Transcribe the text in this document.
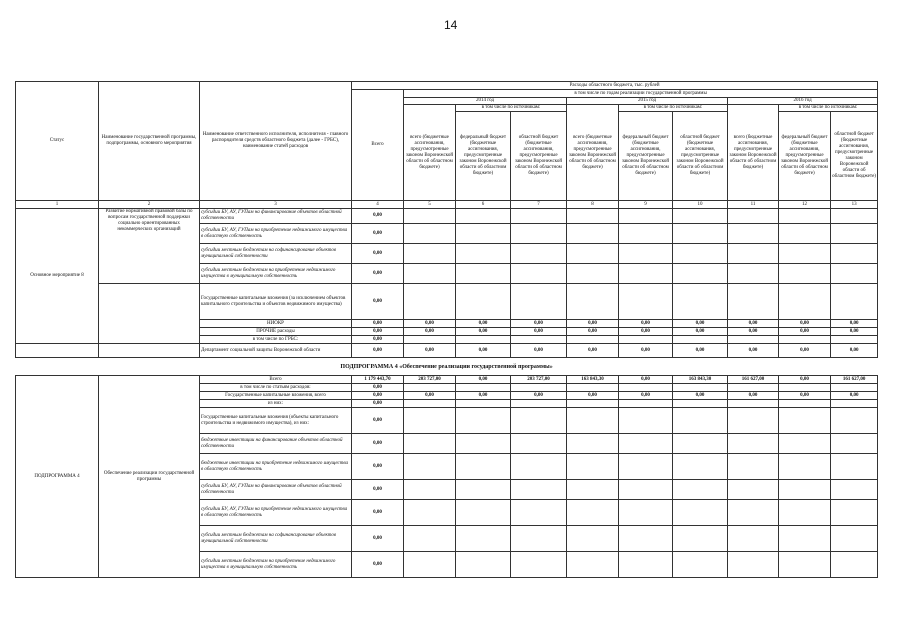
14
Статус	Наименование государственной программы, подпрограммы, основного мероприятия	Наименование ответственного исполнителя, исполнителя - главного распорядителя средств областного бюджета (далее - ГРБС), наименование статей расходов	Расходы областного бюджета, тыс. рублей									
			Всего	в том числе по годам реализации государственной программы								
				2014 год			2015 год			2016 год		
				всего (бюджетные ассигнования, предусмотренные законом Воронежской области об областном бюджете)	в том числе по источникам:		всего (бюджетные ассигнования, предусмотренные законом Воронежской области об областном бюджете)	в том числе по источникам:		всего (бюджетные ассигнования, предусмотренные законом Воронежской области об областном бюджете)	в том числе по источникам:	
					федеральный бюджет (бюджетные ассигнования, предусмотренные законом Воронежской области об областном бюджете)	областной бюджет (бюджетные ассигнования, предусмотренные законом Воронежской области об областном бюджете)		федеральный бюджет (бюджетные ассигнования, предусмотренные законом Воронежской области об областном бюджете)	областной бюджет (бюджетные ассигнования, предусмотренные законом Воронежской области об областном бюджете)		федеральный бюджет (бюджетные ассигнования, предусмотренные законом Воронежской области об областном бюджете)	областной бюджет (бюджетные ассигнования, предусмотренные законом Воронежской области об областном бюджете)
1	2	3	4	5	6	7	8	9	10	11	12	13
Основное мероприятие 8	Развитие нормативной правовой базы по вопросам государственной поддержки социально ориентированных некоммерческих организаций	субсидии БУ, АУ, ГУПам на финансирование объектов областной собственности	0,00									
		субсидии БУ, АУ, ГУПам на приобретение недвижимого имущества в областную собственность	0,00									
		субсидии местным бюджетам на софинансирование объектов муниципальной собственности	0,00									
		субсидии местным бюджетам на приобретение недвижимого имущества в муниципальную собственность	0,00									
		Государственные капитальные вложения (за исключением объектов капитального строительства и объектов недвижимого имущества)	0,00									
		НИОКР	0,00	0,00	0,00	0,00	0,00	0,00	0,00	0,00	0,00	0,00
		ПРОЧИЕ расходы	0,00	0,00	0,00	0,00	0,00	0,00	0,00	0,00	0,00	0,00
		в том числе по ГРБС:	0,00									
		Департамент социальной защиты Воронежской области	0,00	0,00	0,00	0,00	0,00	0,00	0,00	0,00	0,00	0,00
ПОДПРОГРАММА 4 «Обеспечение реализации государственной программы»												
ПОДПРОГРАММА 4	Обеспечение реализации государственной программы	Всего	1 179 443,70	203 727,00	0,00	203 727,00	163 843,30	0,00	163 843,30	161 627,00	0,00	161 627,00
		в том числе по статьям расходов:	0,00									
		Государственные капитальные вложения, всего	0,00	0,00	0,00	0,00	0,00	0,00	0,00	0,00	0,00	0,00
		из них:	0,00									
		Государственные капитальные вложения (объекты капитального строительства и недвижимого имущества), из них:	0,00									
		бюджетные инвестиции на финансирование объектов областной собственности	0,00									
		бюджетные инвестиции на приобретение недвижимого имущества в областную собственность	0,00									
		субсидии БУ, АУ, ГУПам на финансирование объектов областной собственности	0,00									
		субсидии БУ, АУ, ГУПам на приобретение недвижимого имущества в областную собственность	0,00									
		субсидии местным бюджетам на софинансирование объектов муниципальной собственности	0,00									
		субсидии местным бюджетам на приобретение недвижимого имущества в муниципальную собственность	0,00									
